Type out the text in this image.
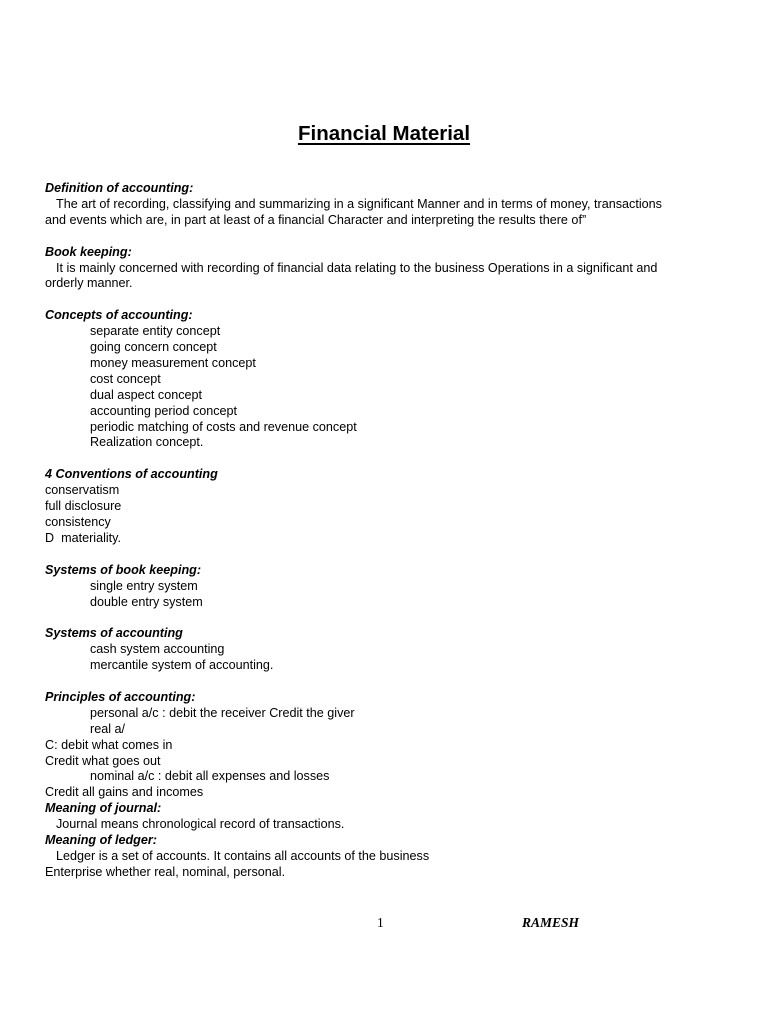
Financial Material
Definition of accounting:
The art of recording, classifying and summarizing in a significant Manner and in terms of money, transactions
and events which are, in part at least of a financial Character and interpreting the results there of”
Book keeping:
It is mainly concerned with recording of financial data relating to the business Operations in a significant and
orderly manner.
Concepts of accounting:
separate entity concept
going concern concept
money measurement concept
cost concept
dual aspect concept
accounting period concept
periodic matching of costs and revenue concept
Realization concept.
4 Conventions of accounting
conservatism
full disclosure
consistency
D  materiality.
Systems of book keeping:
single entry system
double entry system
Systems of accounting
cash system accounting
mercantile system of accounting.
Principles of accounting:
personal a/c : debit the receiver Credit the giver
real a/
C: debit what comes in
Credit what goes out
nominal a/c : debit all expenses and losses
Credit all gains and incomes
Meaning of journal:
Journal means chronological record of transactions.
Meaning of ledger:
Ledger is a set of accounts. It contains all accounts of the business
Enterprise whether real, nominal, personal.
1	RAMESH
